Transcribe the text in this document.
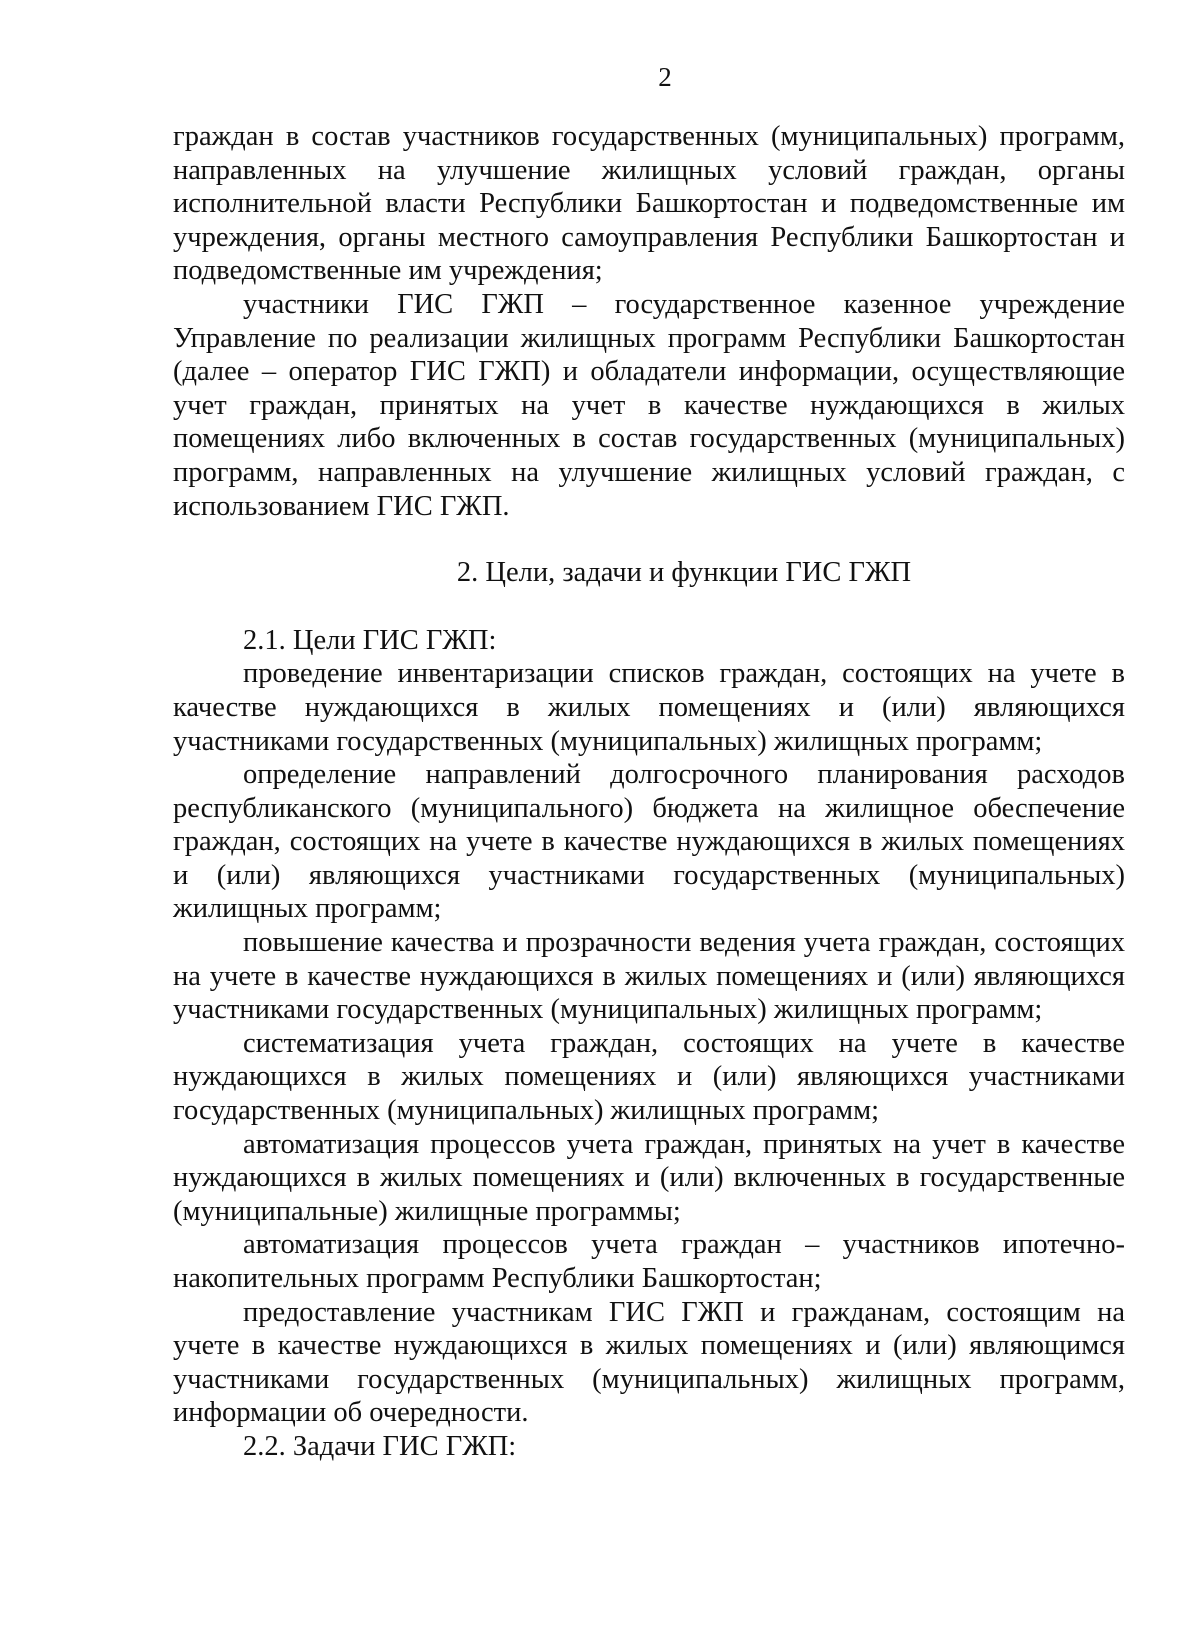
2

граждан в состав участников государственных (муниципальных) программ, направленных на улучшение жилищных условий граждан, органы исполнительной власти Республики Башкортостан и подведомственные им учреждения, органы местного самоуправления Республики Башкортостан и подведомственные им учреждения;

участники ГИС ГЖП – государственное казенное учреждение Управление по реализации жилищных программ Республики Башкортостан (далее – оператор ГИС ГЖП) и обладатели информации, осуществляющие учет граждан, принятых на учет в качестве нуждающихся в жилых помещениях либо включенных в состав государственных (муниципальных) программ, направленных на улучшение жилищных условий граждан, с использованием ГИС ГЖП.

2. Цели, задачи и функции ГИС ГЖП

2.1. Цели ГИС ГЖП:

проведение инвентаризации списков граждан, состоящих на учете в качестве нуждающихся в жилых помещениях и (или) являющихся участниками государственных (муниципальных) жилищных программ;

определение направлений долгосрочного планирования расходов республиканского (муниципального) бюджета на жилищное обеспечение граждан, состоящих на учете в качестве нуждающихся в жилых помещениях и (или) являющихся участниками государственных (муниципальных) жилищных программ;

повышение качества и прозрачности ведения учета граждан, состоящих на учете в качестве нуждающихся в жилых помещениях и (или) являющихся участниками государственных (муниципальных) жилищных программ;

систематизация учета граждан, состоящих на учете в качестве нуждающихся в жилых помещениях и (или) являющихся участниками государственных (муниципальных) жилищных программ;

автоматизация процессов учета граждан, принятых на учет в качестве нуждающихся в жилых помещениях и (или) включенных в государственные (муниципальные) жилищные программы;

автоматизация процессов учета граждан – участников ипотечно-накопительных программ Республики Башкортостан;

предоставление участникам ГИС ГЖП и гражданам, состоящим на учете в качестве нуждающихся в жилых помещениях и (или) являющимся участниками государственных (муниципальных) жилищных программ, информации об очередности.

2.2. Задачи ГИС ГЖП:
